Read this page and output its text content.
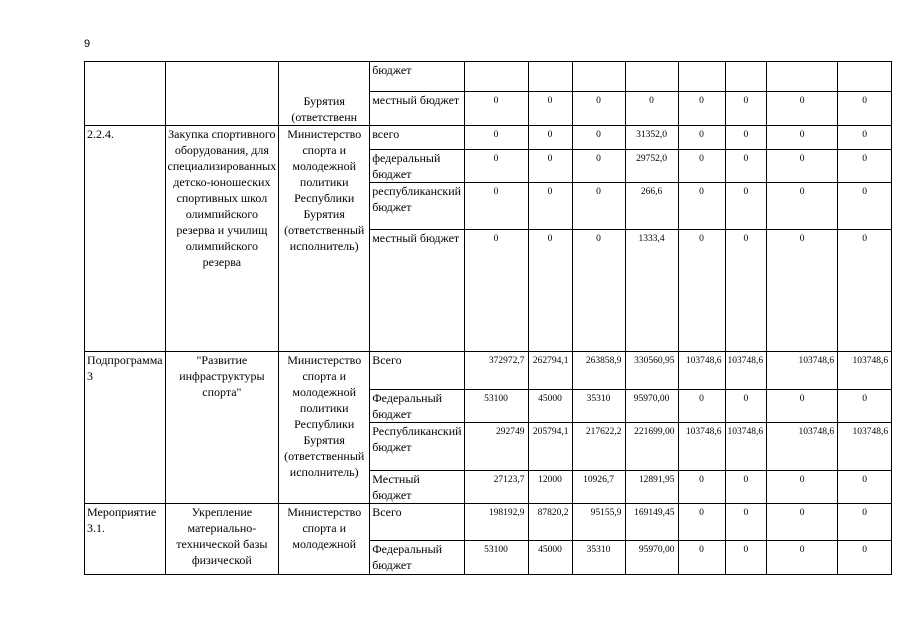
9

		Бурятия (ответственн	бюджет								
			местный бюджет	0	0	0	0	0	0	0	0
2.2.4.	Закупка спортивного оборудования, для специализированных детско-юношеских спортивных школ олимпийского резерва и училищ олимпийского резерва	Министерство спорта и молодежной политики Республики Бурятия (ответственный исполнитель)	всего	0	0	0	31352,0	0	0	0	0
			федеральный бюджет	0	0	0	29752,0	0	0	0	0
			республиканский бюджет	0	0	0	266,6	0	0	0	0
			местный бюджет	0	0	0	1333,4	0	0	0	0
Подпрограмма 3	"Развитие инфраструктуры спорта"	Министерство спорта и молодежной политики Республики Бурятия (ответственный исполнитель)	Всего	372972,7	262794,1	263858,9	330560,95	103748,6	103748,6	103748,6	103748,6
			Федеральный бюджет	53100	45000	35310	95970,00	0	0	0	0
			Республиканский бюджет	292749	205794,1	217622,2	221699,00	103748,6	103748,6	103748,6	103748,6
			Местный бюджет	27123,7	12000	10926,7	12891,95	0	0	0	0
Мероприятие 3.1.	Укрепление материально-технической базы физической	Министерство спорта и молодежной	Всего	198192,9	87820,2	95155,9	169149,45	0	0	0	0
			Федеральный бюджет	53100	45000	35310	95970,00	0	0	0	0
